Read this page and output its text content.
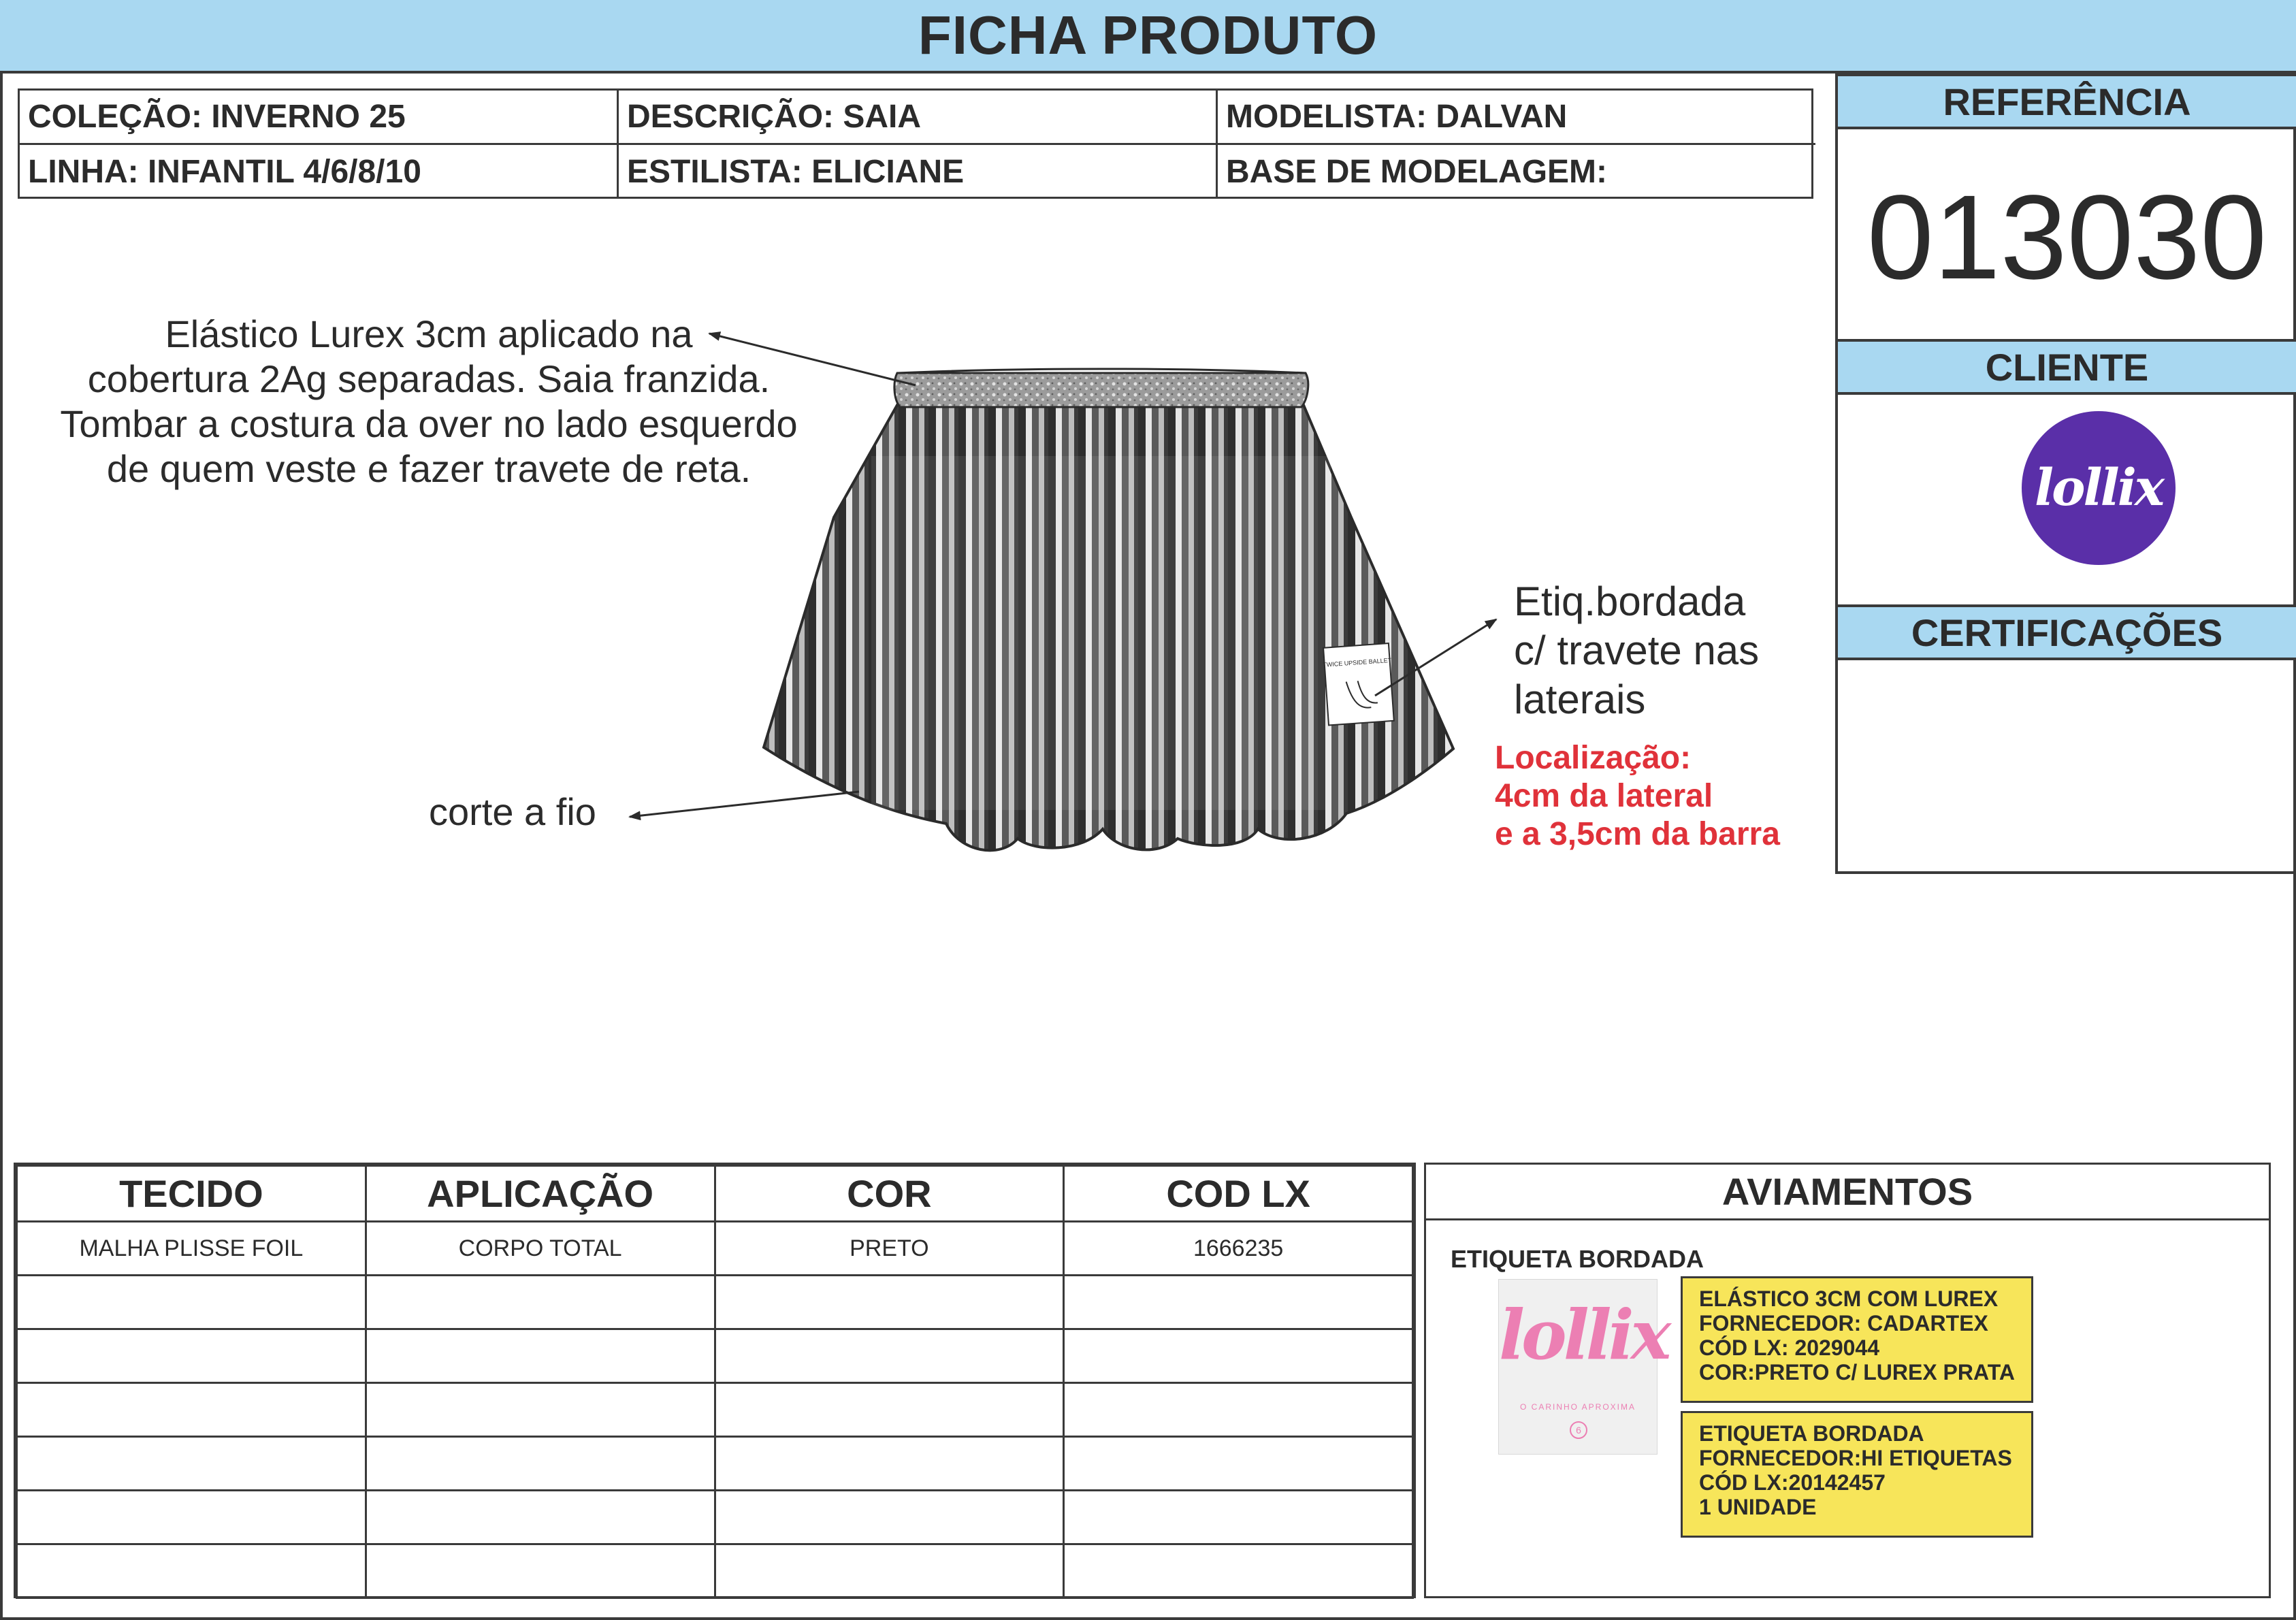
FICHA PRODUTO
COLEÇÃO: INVERNO 25	DESCRIÇÃO: SAIA	MODELISTA: DALVAN
LINHA: INFANTIL 4/6/8/10	ESTILISTA: ELICIANE	BASE DE MODELAGEM:
REFERÊNCIA
013030
CLIENTE
lollix
CERTIFICAÇÕES
TWICE UPSIDE BALLET
Elástico Lurex 3cm aplicado na
cobertura 2Ag separadas. Saia franzida.
Tombar a costura da over no lado esquerdo
de quem veste e fazer travete de reta.
corte a fio
Etiq.bordada
c/ travete nas
laterais
Localização:
4cm da lateral
e a 3,5cm da barra
TECIDO	APLICAÇÃO	COR	COD LX
MALHA PLISSE FOIL	CORPO TOTAL	PRETO	1666235

AVIAMENTOS
ETIQUETA BORDADA
lollix
O CARINHO APROXIMA
6
ELÁSTICO 3CM COM LUREX
FORNECEDOR: CADARTEX
CÓD LX: 2029044
COR:PRETO C/ LUREX PRATA
ETIQUETA BORDADA
FORNECEDOR:HI ETIQUETAS
CÓD LX:20142457
1 UNIDADE
